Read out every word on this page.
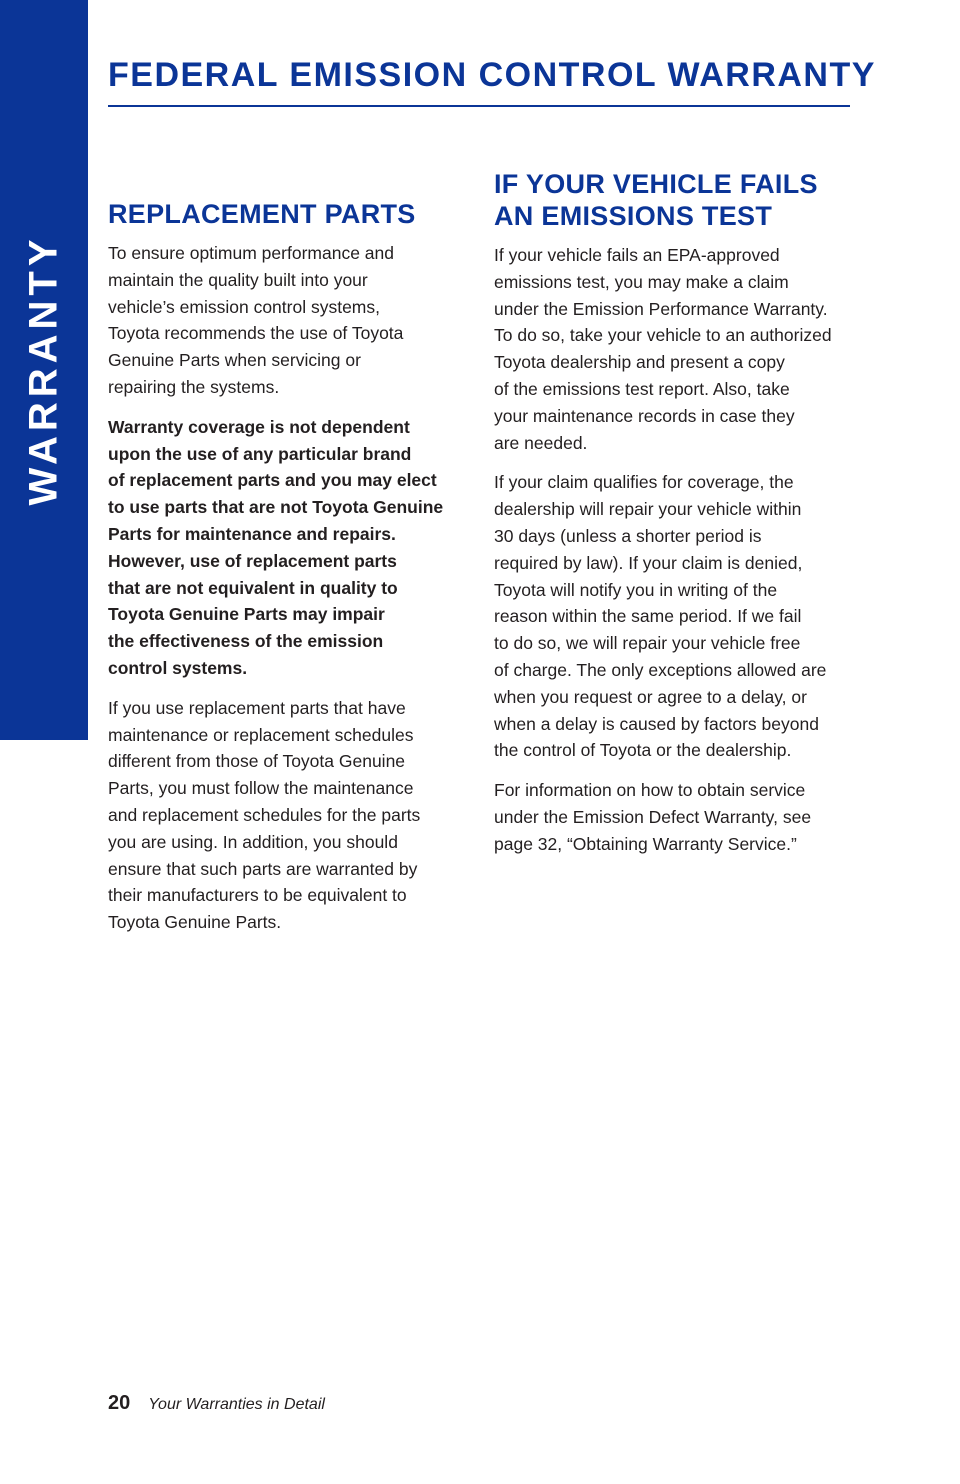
WARRANTY
FEDERAL EMISSION CONTROL WARRANTY
REPLACEMENT PARTS

To ensure optimum performance and
maintain the quality built into your
vehicle’s emission control systems,
Toyota recommends the use of Toyota
Genuine Parts when servicing or
repairing the systems.

Warranty coverage is not dependent
upon the use of any particular brand
of replacement parts and you may elect
to use parts that are not Toyota Genuine
Parts for maintenance and repairs.
However, use of replacement parts
that are not equivalent in quality to
Toyota Genuine Parts may impair
the effectiveness of the emission
control systems.

If you use replacement parts that have
maintenance or replacement schedules
different from those of Toyota Genuine
Parts, you must follow the maintenance
and replacement schedules for the parts
you are using. In addition, you should
ensure that such parts are warranted by
their manufacturers to be equivalent to
Toyota Genuine Parts.

IF YOUR VEHICLE FAILS
AN EMISSIONS TEST

If your vehicle fails an EPA-approved
emissions test, you may make a claim
under the Emission Performance Warranty.
To do so, take your vehicle to an authorized
Toyota dealership and present a copy
of the emissions test report. Also, take
your maintenance records in case they
are needed.

If your claim qualifies for coverage, the
dealership will repair your vehicle within
30 days (unless a shorter period is
required by law). If your claim is denied,
Toyota will notify you in writing of the
reason within the same period. If we fail
to do so, we will repair your vehicle free
of charge. The only exceptions allowed are
when you request or agree to a delay, or
when a delay is caused by factors beyond
the control of Toyota or the dealership.

For information on how to obtain service
under the Emission Defect Warranty, see
page 32, “Obtaining Warranty Service.”

20 Your Warranties in Detail
